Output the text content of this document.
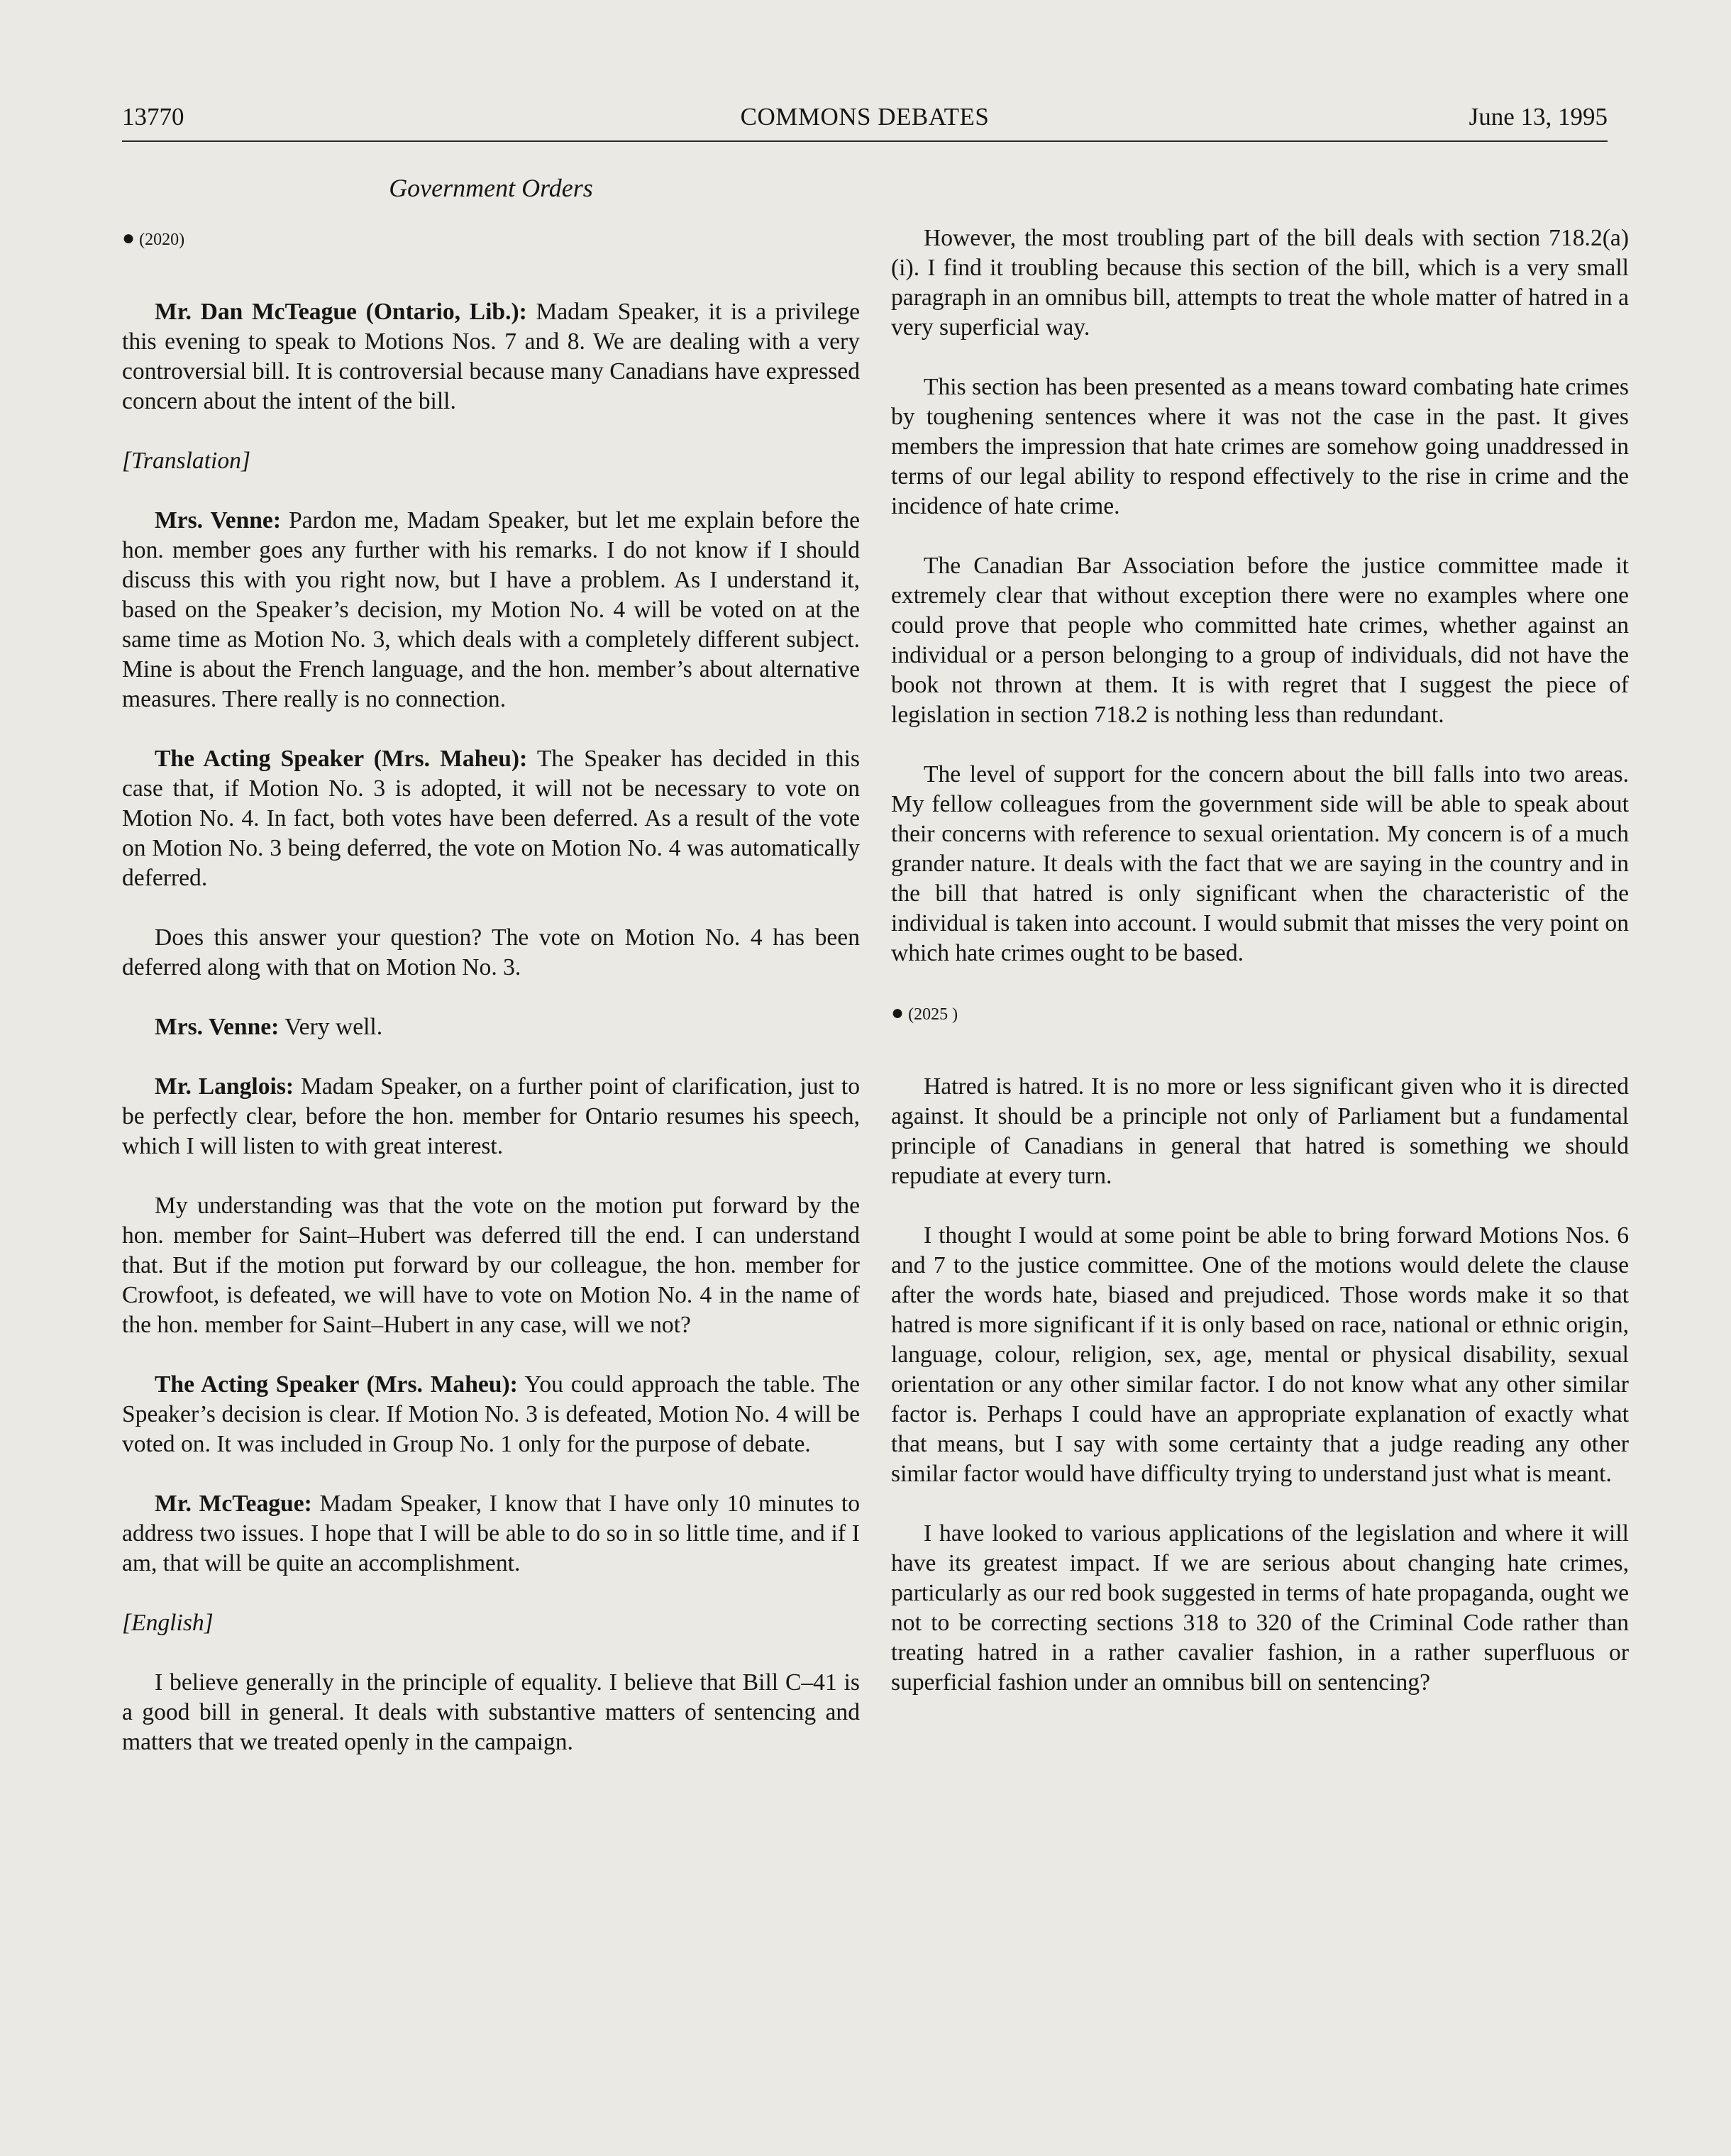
13770	COMMONS DEBATES	June 13, 1995
Government Orders

● (2020)

Mr. Dan McTeague (Ontario, Lib.): Madam Speaker, it is a privilege this evening to speak to Motions Nos. 7 and 8. We are dealing with a very controversial bill. It is controversial because many Canadians have expressed concern about the intent of the bill.

[Translation]

Mrs. Venne: Pardon me, Madam Speaker, but let me explain before the hon. member goes any further with his remarks. I do not know if I should discuss this with you right now, but I have a problem. As I understand it, based on the Speaker’s decision, my Motion No. 4 will be voted on at the same time as Motion No. 3, which deals with a completely different subject. Mine is about the French language, and the hon. member’s about alternative measures. There really is no connection.

The Acting Speaker (Mrs. Maheu): The Speaker has decided in this case that, if Motion No. 3 is adopted, it will not be necessary to vote on Motion No. 4. In fact, both votes have been deferred. As a result of the vote on Motion No. 3 being deferred, the vote on Motion No. 4 was automatically deferred.

Does this answer your question? The vote on Motion No. 4 has been deferred along with that on Motion No. 3.

Mrs. Venne: Very well.

Mr. Langlois: Madam Speaker, on a further point of clarification, just to be perfectly clear, before the hon. member for Ontario resumes his speech, which I will listen to with great interest.

My understanding was that the vote on the motion put forward by the hon. member for Saint–Hubert was deferred till the end. I can understand that. But if the motion put forward by our colleague, the hon. member for Crowfoot, is defeated, we will have to vote on Motion No. 4 in the name of the hon. member for Saint–Hubert in any case, will we not?

The Acting Speaker (Mrs. Maheu): You could approach the table. The Speaker’s decision is clear. If Motion No. 3 is defeated, Motion No. 4 will be voted on. It was included in Group No. 1 only for the purpose of debate.

Mr. McTeague: Madam Speaker, I know that I have only 10 minutes to address two issues. I hope that I will be able to do so in so little time, and if I am, that will be quite an accomplishment.

[English]

I believe generally in the principle of equality. I believe that Bill C–41 is a good bill in general. It deals with substantive matters of sentencing and matters that we treated openly in the campaign.

However, the most troubling part of the bill deals with section 718.2(a)(i). I find it troubling because this section of the bill, which is a very small paragraph in an omnibus bill, attempts to treat the whole matter of hatred in a very superficial way.

This section has been presented as a means toward combating hate crimes by toughening sentences where it was not the case in the past. It gives members the impression that hate crimes are somehow going unaddressed in terms of our legal ability to respond effectively to the rise in crime and the incidence of hate crime.

The Canadian Bar Association before the justice committee made it extremely clear that without exception there were no examples where one could prove that people who committed hate crimes, whether against an individual or a person belonging to a group of individuals, did not have the book not thrown at them. It is with regret that I suggest the piece of legislation in section 718.2 is nothing less than redundant.

The level of support for the concern about the bill falls into two areas. My fellow colleagues from the government side will be able to speak about their concerns with reference to sexual orientation. My concern is of a much grander nature. It deals with the fact that we are saying in the country and in the bill that hatred is only significant when the characteristic of the individual is taken into account. I would submit that misses the very point on which hate crimes ought to be based.

● (2025 )

Hatred is hatred. It is no more or less significant given who it is directed against. It should be a principle not only of Parliament but a fundamental principle of Canadians in general that hatred is something we should repudiate at every turn.

I thought I would at some point be able to bring forward Motions Nos. 6 and 7 to the justice committee. One of the motions would delete the clause after the words hate, biased and prejudiced. Those words make it so that hatred is more significant if it is only based on race, national or ethnic origin, language, colour, religion, sex, age, mental or physical disability, sexual orientation or any other similar factor. I do not know what any other similar factor is. Perhaps I could have an appropriate explanation of exactly what that means, but I say with some certainty that a judge reading any other similar factor would have difficulty trying to understand just what is meant.

I have looked to various applications of the legislation and where it will have its greatest impact. If we are serious about changing hate crimes, particularly as our red book suggested in terms of hate propaganda, ought we not to be correcting sections 318 to 320 of the Criminal Code rather than treating hatred in a rather cavalier fashion, in a rather superfluous or superficial fashion under an omnibus bill on sentencing?
